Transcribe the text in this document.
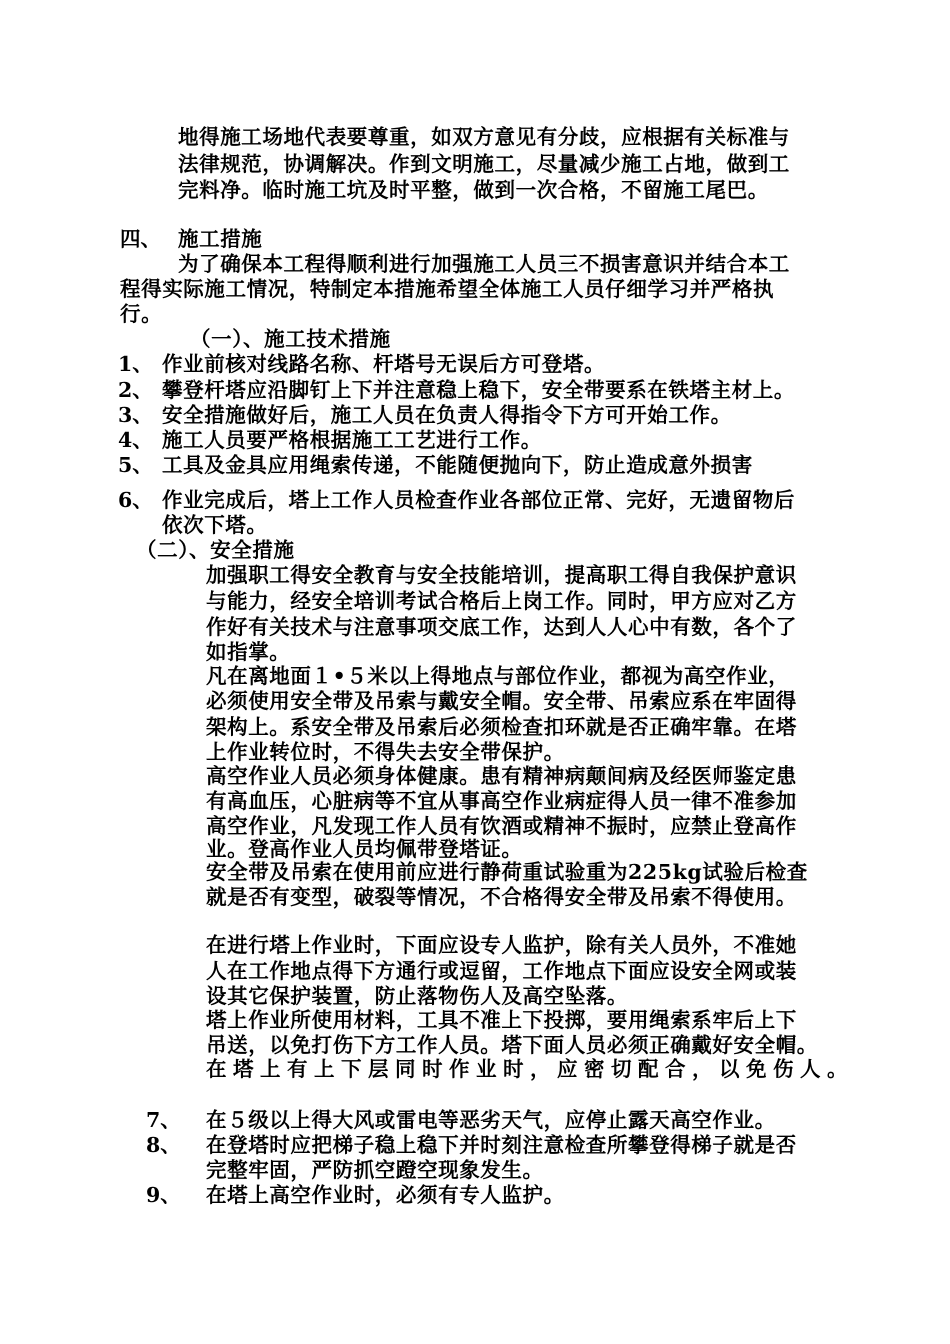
地得施工场地代表要尊重，如双方意见有分歧，应根据有关标准与
法律规范，协调解决。作到文明施工，尽量减少施工占地，做到工
完料净。临时施工坑及时平整，做到一次合格，不留施工尾巴。
四、 施工措施
为了确保本工程得顺利进行加强施工人员三不损害意识并结合本工
程得实际施工情况，特制定本措施希望全体施工人员仔细学习并严格执
行。
（一）、施工技术措施
1、 作业前核对线路名称、杆塔号无误后方可登塔。
2、 攀登杆塔应沿脚钉上下并注意稳上稳下，安全带要系在铁塔主材上。
3、 安全措施做好后，施工人员在负责人得指令下方可开始工作。
4、 施工人员要严格根据施工工艺进行工作。
5、 工具及金具应用绳索传递，不能随便抛向下，防止造成意外损害
6、 作业完成后，塔上工作人员检查作业各部位正常、完好，无遗留物后
依次下塔。
（二）、安全措施
加强职工得安全教育与安全技能培训，提高职工得自我保护意识
与能力，经安全培训考试合格后上岗工作。同时，甲方应对乙方
作好有关技术与注意事项交底工作，达到人人心中有数，各个了
如指掌。
凡在离地面１•５米以上得地点与部位作业，都视为高空作业，
必须使用安全带及吊索与戴安全帽。安全带、吊索应系在牢固得
架构上。系安全带及吊索后必须检查扣环就是否正确牢靠。在塔
上作业转位时，不得失去安全带保护。
高空作业人员必须身体健康。患有精神病颠间病及经医师鉴定患
有高血压，心脏病等不宜从事高空作业病症得人员一律不准参加
高空作业，凡发现工作人员有饮酒或精神不振时，应禁止登高作
业。登高作业人员均佩带登塔证。
安全带及吊索在使用前应进行静荷重试验重为225kg试验后检查
就是否有变型，破裂等情况，不合格得安全带及吊索不得使用。
在进行塔上作业时，下面应设专人监护，除有关人员外，不准她
人在工作地点得下方通行或逗留，工作地点下面应设安全网或装
设其它保护装置，防止落物伤人及高空坠落。
塔上作业所使用材料，工具不准上下投掷，要用绳索系牢后上下
吊送，以免打伤下方工作人员。塔下面人员必须正确戴好安全帽。
在塔上有上下层同时作业时，应密切配合，以免伤人。
7、 在５级以上得大风或雷电等恶劣天气，应停止露天高空作业。
8、 在登塔时应把梯子稳上稳下并时刻注意检查所攀登得梯子就是否
完整牢固，严防抓空蹬空现象发生。
9、 在塔上高空作业时，必须有专人监护。
